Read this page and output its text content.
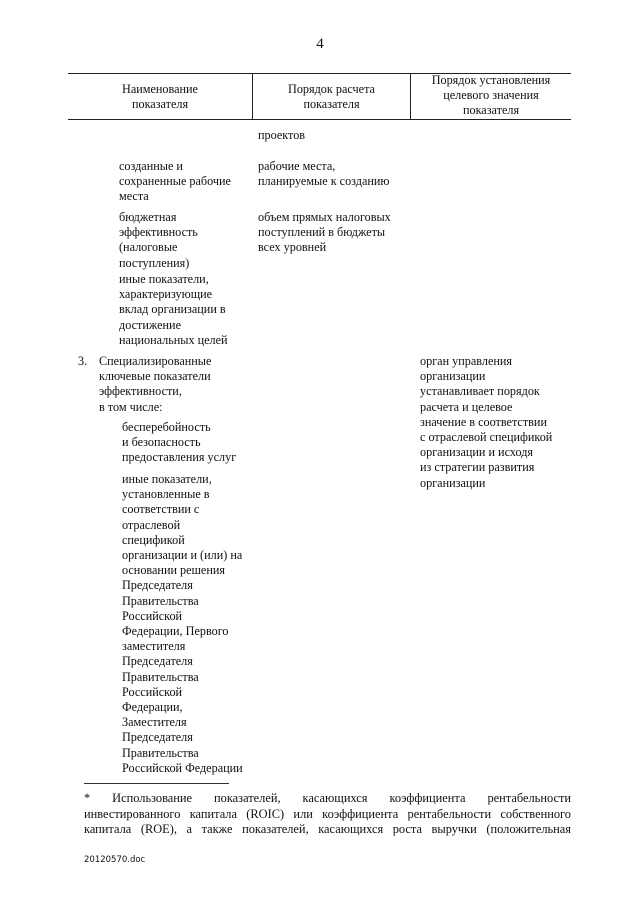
4
Наименование
показателя
Порядок расчета
показателя
Порядок установления
целевого значения
показателя
проектов
созданные и
сохраненные рабочие
места
рабочие места,
планируемые к созданию
бюджетная
эффективность
(налоговые
поступления)
объем прямых налоговых
поступлений в бюджеты
всех уровней
иные показатели,
характеризующие
вклад организации в
достижение
национальных целей
3. Специализированные
ключевые показатели
эффективности,
в том числе:
орган управления
организации
устанавливает порядок
расчета и целевое
значение в соответствии
с отраслевой спецификой
организации и исходя
из стратегии развития
организации
бесперебойность
и безопасность
предоставления услуг
иные показатели,
установленные в
соответствии с
отраслевой
спецификой
организации и (или) на
основании решения
Председателя
Правительства
Российской
Федерации, Первого
заместителя
Председателя
Правительства
Российской
Федерации,
Заместителя
Председателя
Правительства
Российской Федерации
* Использование показателей, касающихся коэффициента рентабельности
инвестированного капитала (ROIC) или коэффициента рентабельности собственного
капитала (ROE), а также показателей, касающихся роста выручки (положительная
20120570.doc
